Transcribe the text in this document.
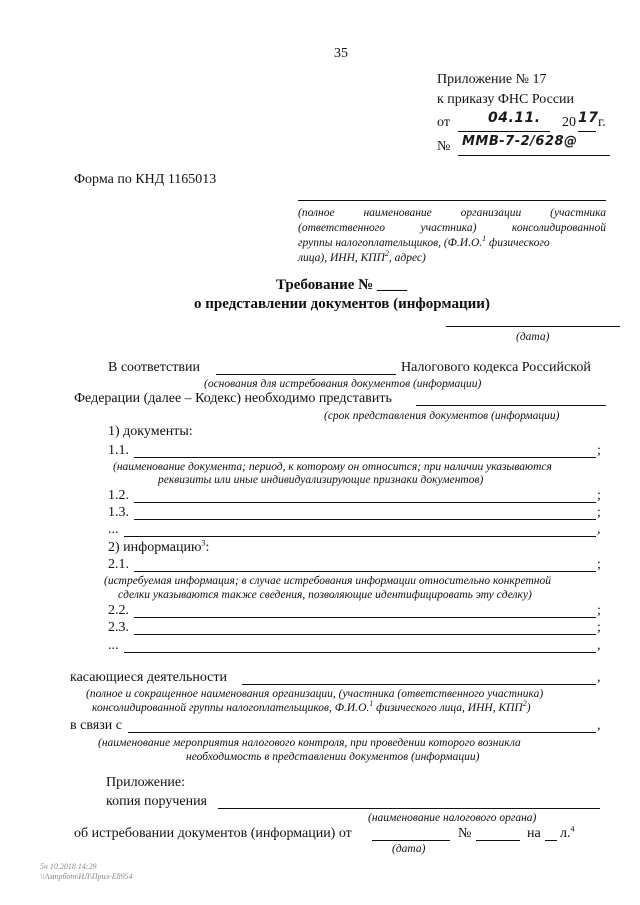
35
Приложение № 17
к приказу ФНС России
от	04.11. 20 17 г.
№ ММВ-7-2/628@
Форма по КНД 1165013
(полное наименование организации (участника
(ответственного участника) консолидированной
группы налогоплательщиков, (Ф.И.О.$^1$ физического
лица), ИНН, КПП$^2$, адрес)
Требование № ____
о представлении документов (информации)
(дата)
В соответствии	Налогового кодекса Российской
(основания для истребования документов (информации)
Федерации (далее – Кодекс) необходимо представить
(срок представления документов (информации)
1) документы:
1.1.	;
(наименование документа; период, к которому он относится; при наличии указываются
реквизиты или иные индивидуализирующие признаки документов)
1.2.	;
1.3.	;
...	,
2) информацию$^3$:
2.1.	;
(истребуемая информация; в случае истребования информации относительно конкретной
сделки указываются также сведения, позволяющие идентифицировать эту сделку)
2.2.	;
2.3.	;
...	,
касающиеся деятельности	,
(полное и сокращенное наименования организации, (участника (ответственного участника)
консолидированной группы налогоплательщиков, Ф.И.О.$^1$ физического лица, ИНН, КПП$^2$)
в связи с	,
(наименование мероприятия налогового контроля, при проведении которого возникла
необходимость в представлении документов (информации)
Приложение:
копия поручения
(наименование налогового органа)
об истребовании документов (информации) от	№	на л.$^4$
(дата)
5ч 10.2018 14:29
\\Ампрбот\ИЛ\Прил-Е8954
